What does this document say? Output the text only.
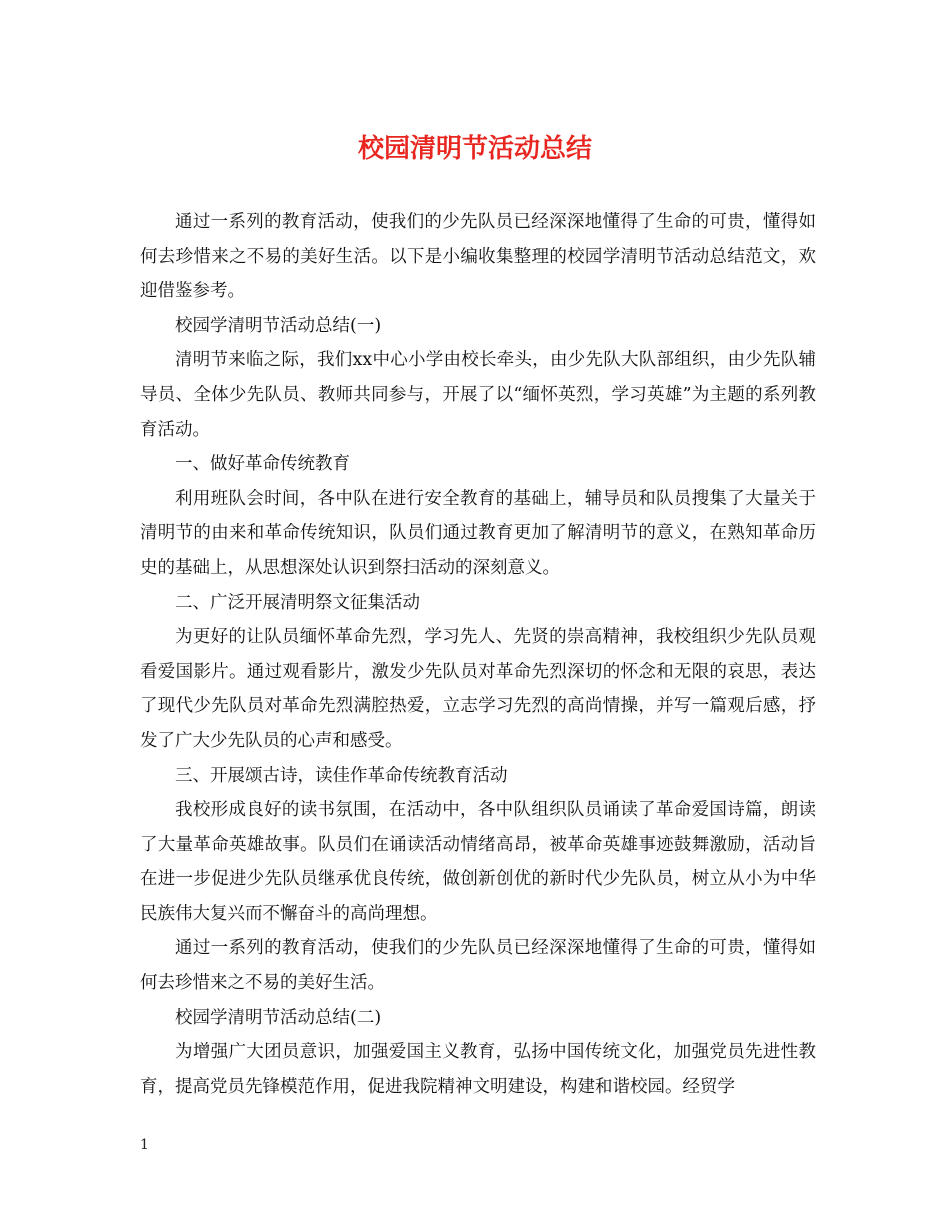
校园清明节活动总结

通过一系列的教育活动，使我们的少先队员已经深深地懂得了生命的可贵，懂得如何去珍惜来之不易的美好生活。以下是小编收集整理的校园学清明节活动总结范文，欢迎借鉴参考。

校园学清明节活动总结(一)

清明节来临之际，我们xx中心小学由校长牵头，由少先队大队部组织，由少先队辅导员、全体少先队员、教师共同参与，开展了以“缅怀英烈，学习英雄”为主题的系列教育活动。

一、做好革命传统教育

利用班队会时间，各中队在进行安全教育的基础上，辅导员和队员搜集了大量关于清明节的由来和革命传统知识，队员们通过教育更加了解清明节的意义，在熟知革命历史的基础上，从思想深处认识到祭扫活动的深刻意义。

二、广泛开展清明祭文征集活动

为更好的让队员缅怀革命先烈，学习先人、先贤的崇高精神，我校组织少先队员观看爱国影片。通过观看影片，激发少先队员对革命先烈深切的怀念和无限的哀思，表达了现代少先队员对革命先烈满腔热爱，立志学习先烈的高尚情操，并写一篇观后感，抒发了广大少先队员的心声和感受。

三、开展颂古诗，读佳作革命传统教育活动

我校形成良好的读书氛围，在活动中，各中队组织队员诵读了革命爱国诗篇，朗读了大量革命英雄故事。队员们在诵读活动情绪高昂，被革命英雄事迹鼓舞激励，活动旨在进一步促进少先队员继承优良传统，做创新创优的新时代少先队员，树立从小为中华民族伟大复兴而不懈奋斗的高尚理想。

通过一系列的教育活动，使我们的少先队员已经深深地懂得了生命的可贵，懂得如何去珍惜来之不易的美好生活。

校园学清明节活动总结(二)

为增强广大团员意识，加强爱国主义教育，弘扬中国传统文化，加强党员先进性教育，提高党员先锋模范作用，促进我院精神文明建设，构建和谐校园。经贸学

1
